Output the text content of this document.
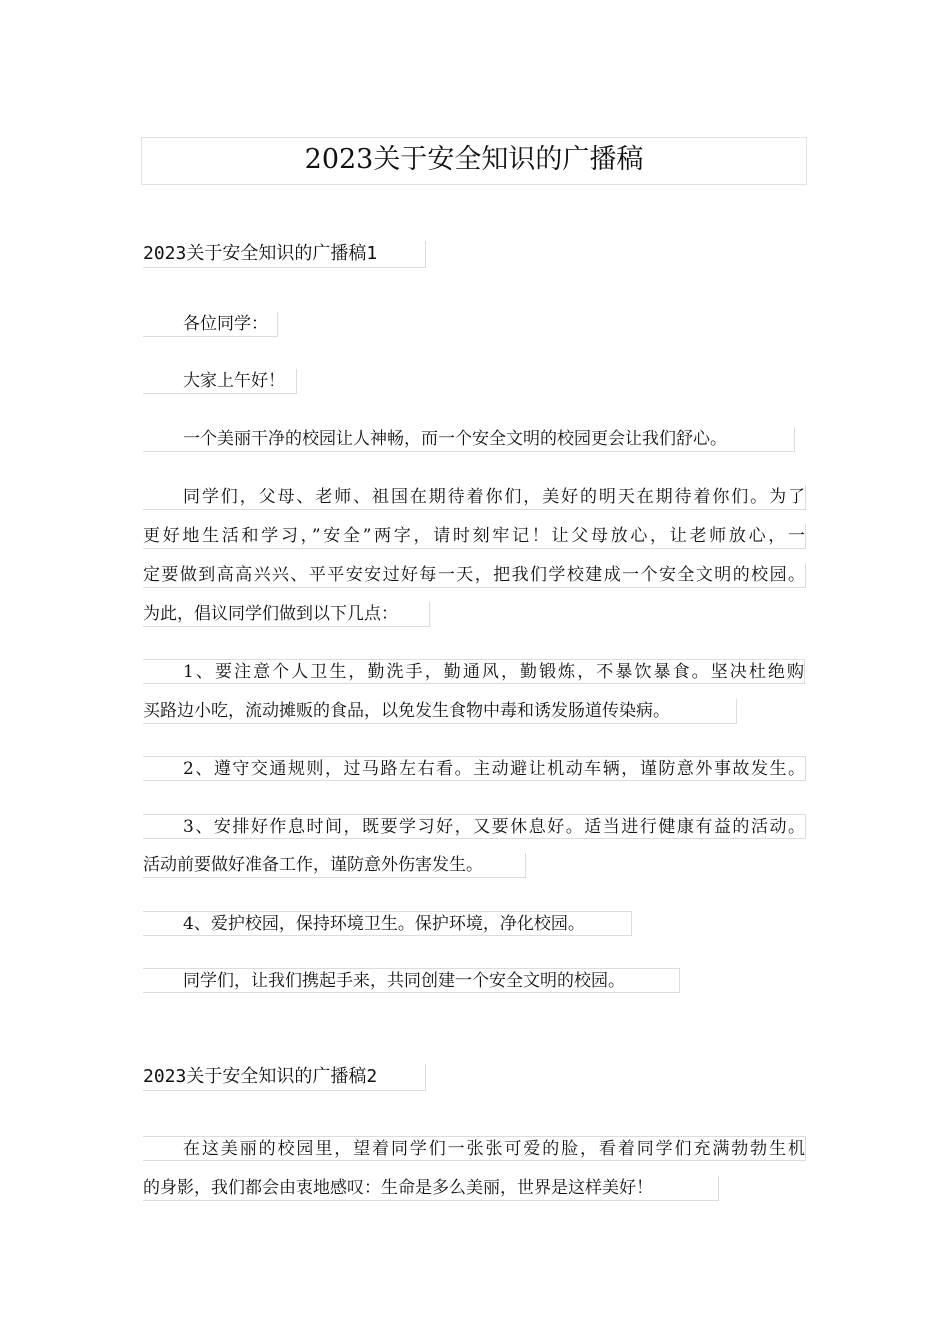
2023关于安全知识的广播稿
2023关于安全知识的广播稿1
各位同学：
大家上午好！
一个美丽干净的校园让人神畅，而一个安全文明的校园更会让我们舒心。
同学们，父母、老师、祖国在期待着你们，美好的明天在期待着你们。为了
更好地生活和学习，”安全”两字，请时刻牢记！让父母放心，让老师放心，一
定要做到高高兴兴、平平安安过好每一天，把我们学校建成一个安全文明的校园。
为此，倡议同学们做到以下几点：
1、要注意个人卫生，勤洗手，勤通风，勤锻炼，不暴饮暴食。坚决杜绝购
买路边小吃，流动摊贩的食品，以免发生食物中毒和诱发肠道传染病。
2、遵守交通规则，过马路左右看。主动避让机动车辆，谨防意外事故发生。
3、安排好作息时间，既要学习好，又要休息好。适当进行健康有益的活动。
活动前要做好准备工作，谨防意外伤害发生。
4、爱护校园，保持环境卫生。保护环境，净化校园。
同学们，让我们携起手来，共同创建一个安全文明的校园。
2023关于安全知识的广播稿2
在这美丽的校园里，望着同学们一张张可爱的脸，看着同学们充满勃勃生机
的身影，我们都会由衷地感叹：生命是多么美丽，世界是这样美好！
